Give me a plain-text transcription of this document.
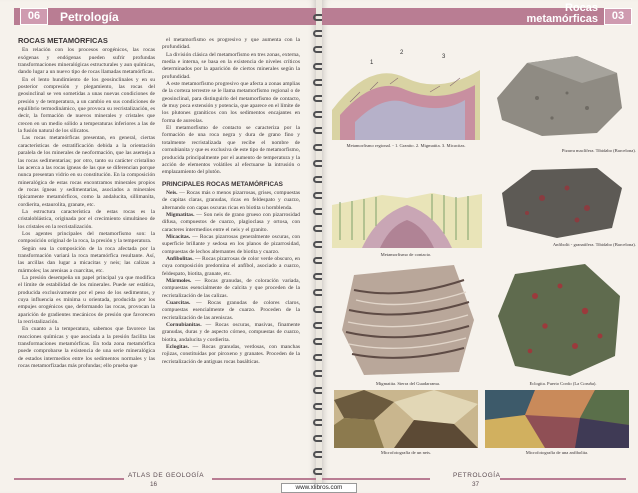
06	Petrología
ROCAS METAMÓRFICAS

En relación con los procesos orogénicos, las rocas exógenas y endógenas pueden sufrir profundas transformaciones mineralógicas estructurales y aun químicas, dando lugar a un nuevo tipo de rocas llamadas metamórficas.

En el lento hundimiento de los geosinclinales y en su posterior compresión y plegamiento, las rocas del geosinclinal se ven sometidas a unas nuevas condiciones de presión y de temperatura, a un cambio en sus condiciones de equilibrio termodinámico, que provoca su recristalización, es decir, la formación de nuevos minerales y cristales que crecen en un medio sólido a temperaturas inferiores a las de la fusión natural de los silicatos.

Las rocas metamórficas presentan, en general, ciertas características de estratificación debida a la orientación paralela de los minerales de neoformación, que las asemeja a las rocas sedimentarias; por otro, tanto su carácter cristalino las acerca a las rocas ígneas de las que se diferencian porque nunca presentan vidrio en su constitución. En la composición mineralógica de estas rocas encontramos minerales propios de rocas ígneas y sedimentarias, asociados a minerales típicamente metamórficos, como la andalucita, sillimanita, cordierita, estaurolita, granate, etc.

La estructura característica de estas rocas es la cristaloblástica, originada por el crecimiento simultáneo de los cristales en la recristalización.

Los agentes principales del metamorfismo son: la composición original de la roca, la presión y la temperatura.

Según sea la composición de la roca afectada por la transformación variará la roca metamórfica resultante. Así, las arcillas dan lugar a micacitas y neis; las calizas a mármoles; las arenisas a cuarcitas, etc.

La presión desempeña un papel principal ya que modifica el límite de estabilidad de los minerales. Puede ser estática, producida exclusivamente por el peso de los sedimentos, y cuya influencia es mínima u orientada, producida por los empujes orogénicos que, deformando las rocas, provocan la aparición de gradientes mecánicos de presión que favorecen la recristalización.

En cuanto a la temperatura, sabemos que favorece las reacciones químicas y que asociada a la presión facilita las transformaciones metamórficas. En toda zona metamórfica puede comprobarse la existencia de una serie mineralógica de estados intermedios entre los sedimentos normales y las rocas metamorfizadas más profundas; ello prueba que

el metamorfismo es progresivo y que aumenta con la profundidad.

La división clásica del metamorfismo en tres zonas, externa, media e interna, se basa en la existencia de niveles críticos determinados por la aparición de ciertos minerales según la profundidad.

A este metamorfismo progresivo que afecta a zonas amplias de la corteza terrestre se le llama metamorfismo regional o de geosinclinal, para distinguirlo del metamorfismo de contacto, de muy poca extensión y potencia, que aparece en el límite de los plutones graníticos con los sedimentos encajantes en forma de aureolas.

El metamorfismo de contacto se caracteriza por la formación de una roca negra y dura de grano fino y totalmente recristalizada que recibe el nombre de cornubianita y que es exclusiva de este tipo de metamorfismo, producida principalmente por el aumento de temperatura y la acción de elementos volátiles al efectuarse la intrusión o emplazamiento del plutón.

PRINCIPALES ROCAS METAMÓRFICAS

Neis. — Rocas más o menos pizarrosas, grises, compuestas de capitas claras, granudas, ricas en feldespato y cuarzo, alternando con capas oscuras ricas en biotita u hornblenda.

Migmatitas. — Son neis de grano grueso con pizarrosidad difusa, compuestos de cuarzo, plagioclasa y ortosa, con caracteres intermedios entre el neis y el granito.

Micacitas. — Rocas pizarrosas generalmente oscuras, con superficie brillante y sedosa en los planos de pizarrosidad, compuestas de lechos alternantes de biotita y cuarzo.

Anfibolitas. — Rocas pizarrosas de color verde obscuro, en cuya composición predomina el anfíbol, asociado a cuarzo, feldespato, biotita, granate, etc.

Mármoles. — Rocas granudas, de coloración variada, compuestas esencialmente de calcita y que proceden de la recristalización de las calizas.

Cuarcitas. — Rocas granudas de colores claros, compuestas esencialmente de cuarzo. Proceden de la recristalización de las areniscas.

Cornubianitas. — Rocas oscuras, masivas, finamente granudas, duras y de aspecto córneo, compuestas de cuarzo, biotita, andalucita y cordierita.

Eclogitas. — Rocas granudas, verdosas, con manchas rojizas, constituidas por piroxeno y granates. Proceden de la recristalización de antiguas rocas basálticas.

ATLAS DE GEOLOGÍA
16
Rocas
metamórficas	03
1
2
3
Metamorfismo regional. - 1. Granito. 2. Migmatita. 3. Micacitas.
Metamorfismo de contacto.
Pizarra maclífera. Tibidabo (Barcelona).
Anfibolit - granatífera. Tibidabo (Barcelona).
Migmatita. Sierra del Guadarrama.	Eclogita. Puerto Cordo (La Coruña).
Microfotografía de un neis.	Microfotografía de una anfibolita.
PETROLOGÍA
37
www.xlibros.com
